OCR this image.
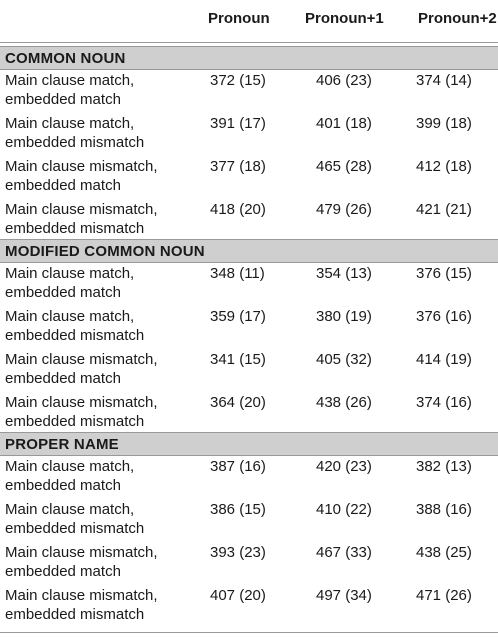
Pronoun Pronoun+1 Pronoun+2
COMMON NOUN
Main clause match,
embedded match
372 (15)	406 (23)	374 (14)
Main clause match,
embedded mismatch
391 (17)	401 (18)	399 (18)
Main clause mismatch,
embedded match
377 (18)	465 (28)	412 (18)
Main clause mismatch,
embedded mismatch
418 (20)	479 (26)	421 (21)
MODIFIED COMMON NOUN
Main clause match,
embedded match
348 (11)	354 (13)	376 (15)
Main clause match,
embedded mismatch
359 (17)	380 (19)	376 (16)
Main clause mismatch,
embedded match
341 (15)	405 (32)	414 (19)
Main clause mismatch,
embedded mismatch
364 (20)	438 (26)	374 (16)
PROPER NAME
Main clause match,
embedded match
387 (16)	420 (23)	382 (13)
Main clause match,
embedded mismatch
386 (15)	410 (22)	388 (16)
Main clause mismatch,
embedded match
393 (23)	467 (33)	438 (25)
Main clause mismatch,
embedded mismatch
407 (20)	497 (34)	471 (26)
